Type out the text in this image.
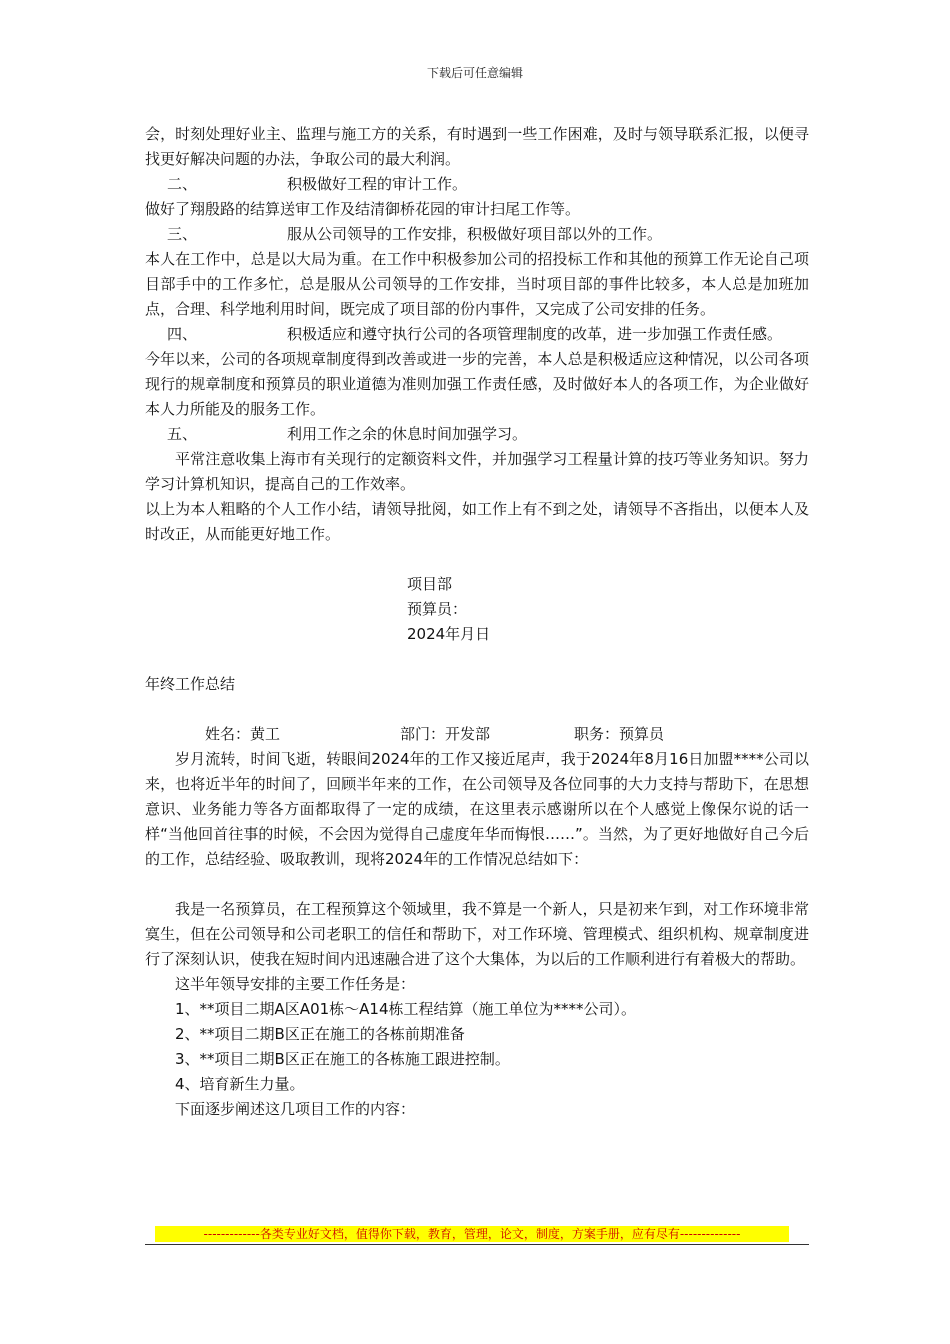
下载后可任意编辑

会，时刻处理好业主、监理与施工方的关系，有时遇到一些工作困难，及时与领导联系汇报，以便寻找更好解决问题的办法，争取公司的最大利润。

二、	积极做好工程的审计工作。

做好了翔殷路的结算送审工作及结清御桥花园的审计扫尾工作等。

三、	服从公司领导的工作安排，积极做好项目部以外的工作。

本人在工作中，总是以大局为重。在工作中积极参加公司的招投标工作和其他的预算工作无论自己项目部手中的工作多忙，总是服从公司领导的工作安排，当时项目部的事件比较多，本人总是加班加点，合理、科学地利用时间，既完成了项目部的份内事件，又完成了公司安排的任务。

四、	积极适应和遵守执行公司的各项管理制度的改革，进一步加强工作责任感。

今年以来，公司的各项规章制度得到改善或进一步的完善，本人总是积极适应这种情况，以公司各项现行的规章制度和预算员的职业道德为准则加强工作责任感，及时做好本人的各项工作，为企业做好本人力所能及的服务工作。

五、	利用工作之余的休息时间加强学习。

平常注意收集上海市有关现行的定额资料文件，并加强学习工程量计算的技巧等业务知识。努力学习计算机知识，提高自己的工作效率。

以上为本人粗略的个人工作小结，请领导批阅，如工作上有不到之处，请领导不吝指出，以便本人及时改正，从而能更好地工作。

项目部

预算员：

2024年月日

年终工作总结

姓名：黄工	部门：开发部	职务：预算员

岁月流转，时间飞逝，转眼间2024年的工作又接近尾声，我于2024年8月16日加盟****公司以来，也将近半年的时间了，回顾半年来的工作，在公司领导及各位同事的大力支持与帮助下，在思想意识、业务能力等各方面都取得了一定的成绩，在这里表示感谢所以在个人感觉上像保尔说的话一样“当他回首往事的时候，不会因为觉得自己虚度年华而悔恨……”。当然，为了更好地做好自己今后的工作，总结经验、吸取教训，现将2024年的工作情况总结如下：

我是一名预算员，在工程预算这个领域里，我不算是一个新人，只是初来乍到，对工作环境非常寞生，但在公司领导和公司老职工的信任和帮助下，对工作环境、管理模式、组织机构、规章制度进行了深刻认识，使我在短时间内迅速融合进了这个大集体，为以后的工作顺利进行有着极大的帮助。

这半年领导安排的主要工作任务是：

1、**项目二期A区A01栋～A14栋工程结算（施工单位为****公司）。

2、**项目二期B区正在施工的各栋前期准备

3、**项目二期B区正在施工的各栋施工跟进控制。

4、培育新生力量。

下面逐步阐述这几项目工作的内容：

-------------各类专业好文档，值得你下载，教育，管理，论文，制度，方案手册，应有尽有--------------
